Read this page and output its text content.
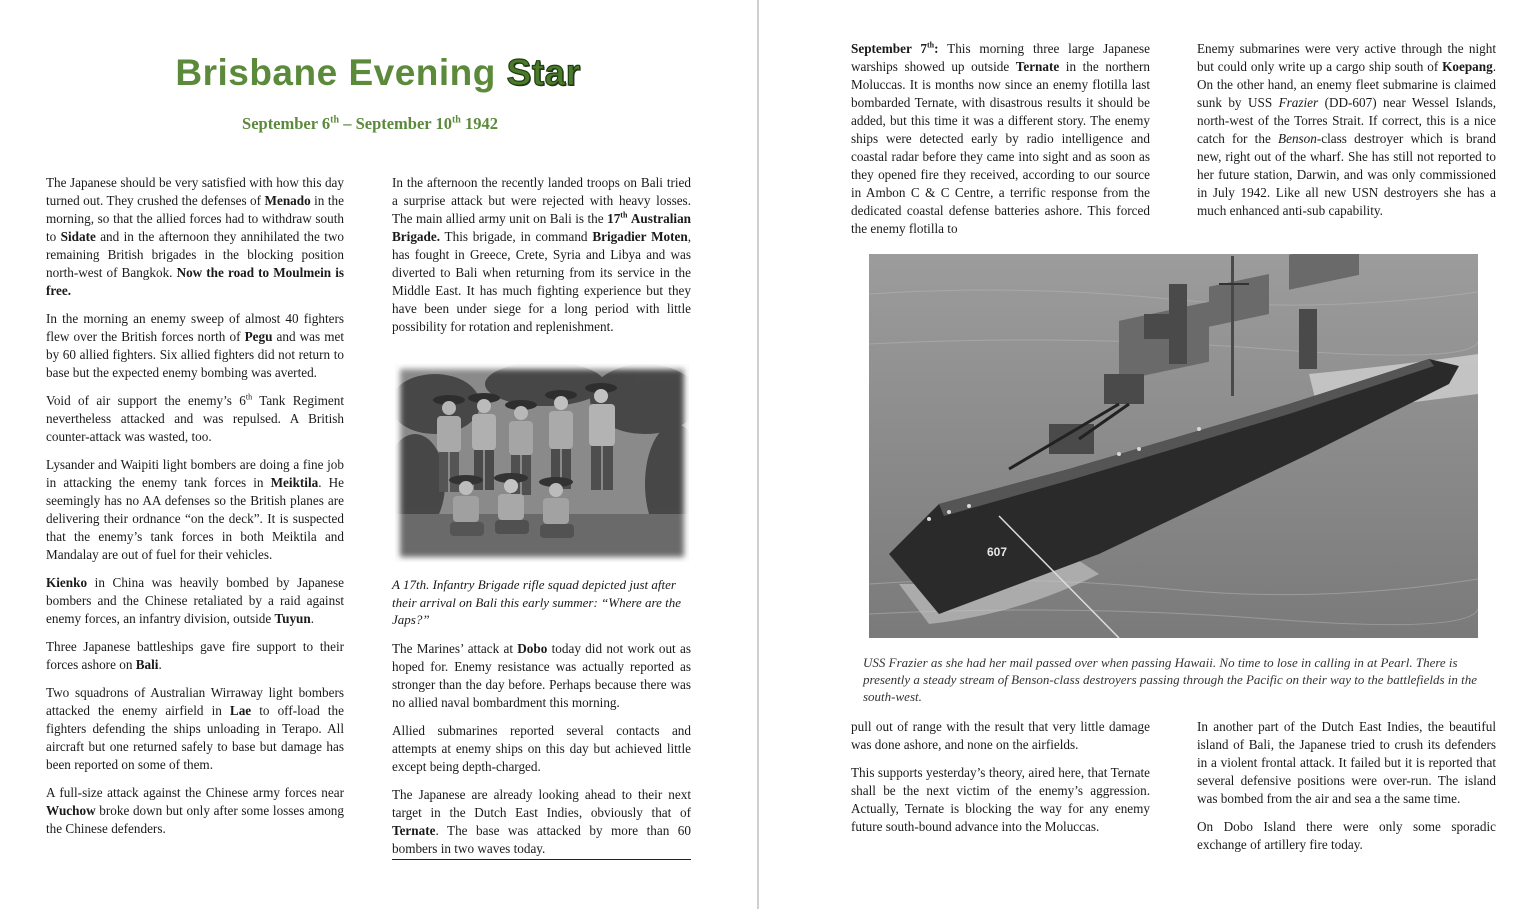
Brisbane Evening Star
September 6th – September 10th 1942

The Japanese should be very satisfied with how this day turned out. They crushed the defenses of Menado in the morning, so that the allied forces had to withdraw south to Sidate and in the afternoon they annihilated the two remaining British brigades in the blocking position north-west of Bangkok. Now the road to Moulmein is free.

In the morning an enemy sweep of almost 40 fighters flew over the British forces north of Pegu and was met by 60 allied fighters. Six allied fighters did not return to base but the expected enemy bombing was averted.

Void of air support the enemy’s 6th Tank Regiment nevertheless attacked and was repulsed. A British counter-attack was wasted, too.

Lysander and Waipiti light bombers are doing a fine job in attacking the enemy tank forces in Meiktila. He seemingly has no AA defenses so the British planes are delivering their ordnance “on the deck”. It is suspected that the enemy’s tank forces in both Meiktila and Mandalay are out of fuel for their vehicles.

Kienko in China was heavily bombed by Japanese bombers and the Chinese retaliated by a raid against enemy forces, an infantry division, outside Tuyun.

Three Japanese battleships gave fire support to their forces ashore on Bali.

Two squadrons of Australian Wirraway light bombers attacked the enemy airfield in Lae to off-load the fighters defending the ships unloading in Terapo. All aircraft but one returned safely to base but damage has been reported on some of them.

A full-size attack against the Chinese army forces near Wuchow broke down but only after some losses among the Chinese defenders.

In the afternoon the recently landed troops on Bali tried a surprise attack but were rejected with heavy losses. The main allied army unit on Bali is the 17th Australian Brigade. This brigade, in command Brigadier Moten, has fought in Greece, Crete, Syria and Libya and was diverted to Bali when returning from its service in the Middle East. It has much fighting experience but they have been under siege for a long period with little possibility for rotation and replenishment.

A 17th. Infantry Brigade rifle squad depicted just after their arrival on Bali this early summer: “Where are the Japs?”

The Marines’ attack at Dobo today did not work out as hoped for. Enemy resistance was actually reported as stronger than the day before. Perhaps because there was no allied naval bombardment this morning.

Allied submarines reported several contacts and attempts at enemy ships on this day but achieved little except being depth-charged.

The Japanese are already looking ahead to their next target in the Dutch East Indies, obviously that of Ternate. The base was attacked by more than 60 bombers in two waves today.

September 7th: This morning three large Japanese warships showed up outside Ternate in the northern Moluccas. It is months now since an enemy flotilla last bombarded Ternate, with disastrous results it should be added, but this time it was a different story. The enemy ships were detected early by radio intelligence and coastal radar before they came into sight and as soon as they opened fire they received, according to our source in Ambon C & C Centre, a terrific response from the dedicated coastal defense batteries ashore. This forced the enemy flotilla to

Enemy submarines were very active through the night but could only write up a cargo ship south of Koepang. On the other hand, an enemy fleet submarine is claimed sunk by USS Frazier (DD-607) near Wessel Islands, north-west of the Torres Strait. If correct, this is a nice catch for the Benson-class destroyer which is brand new, right out of the wharf. She has still not reported to her future station, Darwin, and was only commissioned in July 1942. Like all new USN destroyers she has a much enhanced anti-sub capability.

607
USS Frazier as she had her mail passed over when passing Hawaii. No time to lose in calling in at Pearl. There is presently a steady stream of Benson-class destroyers passing through the Pacific on their way to the battlefields in the south-west.

pull out of range with the result that very little damage was done ashore, and none on the airfields.

This supports yesterday’s theory, aired here, that Ternate shall be the next victim of the enemy’s aggression. Actually, Ternate is blocking the way for any enemy future south-bound advance into the Moluccas.

In another part of the Dutch East Indies, the beautiful island of Bali, the Japanese tried to crush its defenders in a violent frontal attack. It failed but it is reported that several defensive positions were over-run. The island was bombed from the air and sea a the same time.

On Dobo Island there were only some sporadic exchange of artillery fire today.
